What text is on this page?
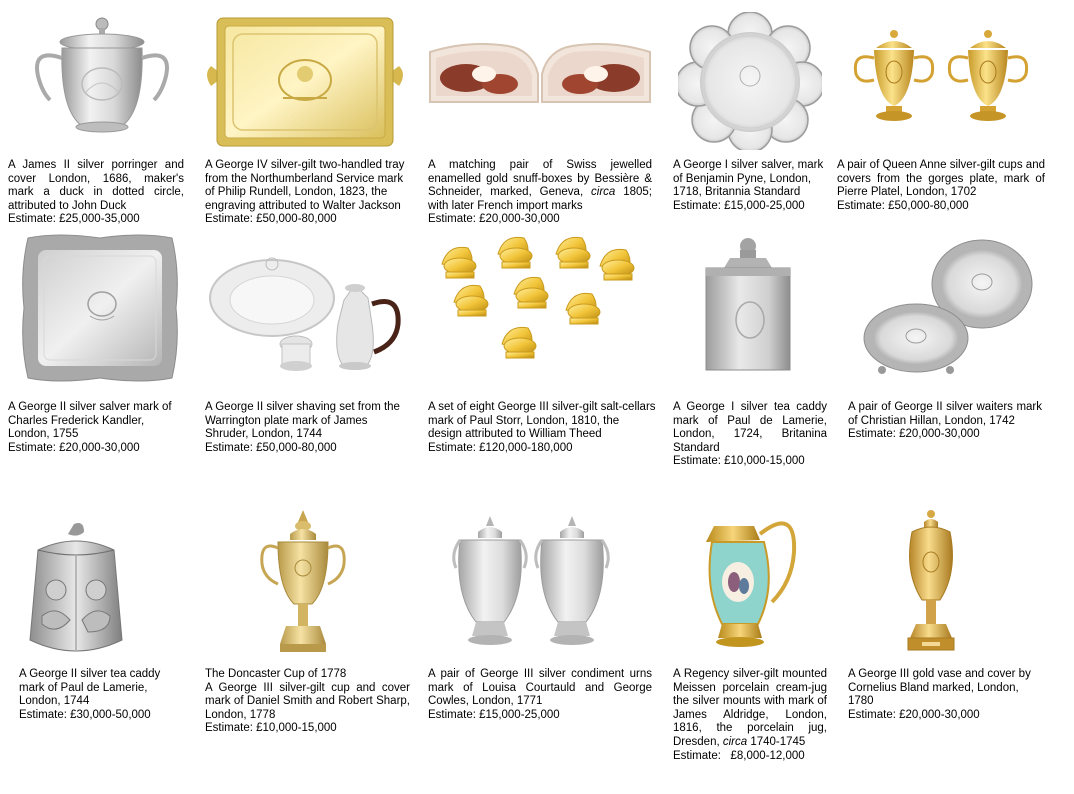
A James II silver porringer and cover London, 1686, maker's mark a duck in dotted circle, attributed to John Duck
Estimate: £25,000-35,000
A George IV silver-gilt two-handled tray from the Northumberland Service mark of Philip Rundell, London, 1823, the engraving attributed to Walter Jackson
Estimate: £50,000-80,000
A matching pair of Swiss jewelled enamelled gold snuff-boxes by Bessière & Schneider, marked, Geneva, circa 1805; with later French import marks
Estimate: £20,000-30,000
A George I silver salver, mark of Benjamin Pyne, London, 1718, Britannia Standard
Estimate: £15,000-25,000
A pair of Queen Anne silver-gilt cups and covers from the gorges plate, mark of Pierre Platel, London, 1702
Estimate: £50,000-80,000
A George II silver salver mark of Charles Frederick Kandler, London, 1755
Estimate: £20,000-30,000
A George II silver shaving set from the Warrington plate mark of James Shruder, London, 1744
Estimate: £50,000-80,000
A set of eight George III silver-gilt salt-cellars mark of Paul Storr, London, 1810, the design attributed to William Theed
Estimate: £120,000-180,000
A George I silver tea caddy mark of Paul de Lamerie, London, 1724, Britanina Standard
Estimate: £10,000-15,000
A pair of George II silver waiters mark of Christian Hillan, London, 1742
Estimate: £20,000-30,000
A George II silver tea caddy mark of Paul de Lamerie, London, 1744
Estimate: £30,000-50,000
The Doncaster Cup of 1778
A George III silver-gilt cup and cover mark of Daniel Smith and Robert Sharp, London, 1778
Estimate: £10,000-15,000
A pair of George III silver condiment urns mark of Louisa Courtauld and George Cowles, London, 1771
Estimate: £15,000-25,000
A Regency silver-gilt mounted Meissen porcelain cream-jug the silver mounts with mark of James Aldridge, London, 1816, the porcelain jug, Dresden, circa 1740-1745
Estimate:   £8,000-12,000
A George III gold vase and cover by Cornelius Bland marked, London, 1780
Estimate: £20,000-30,000
